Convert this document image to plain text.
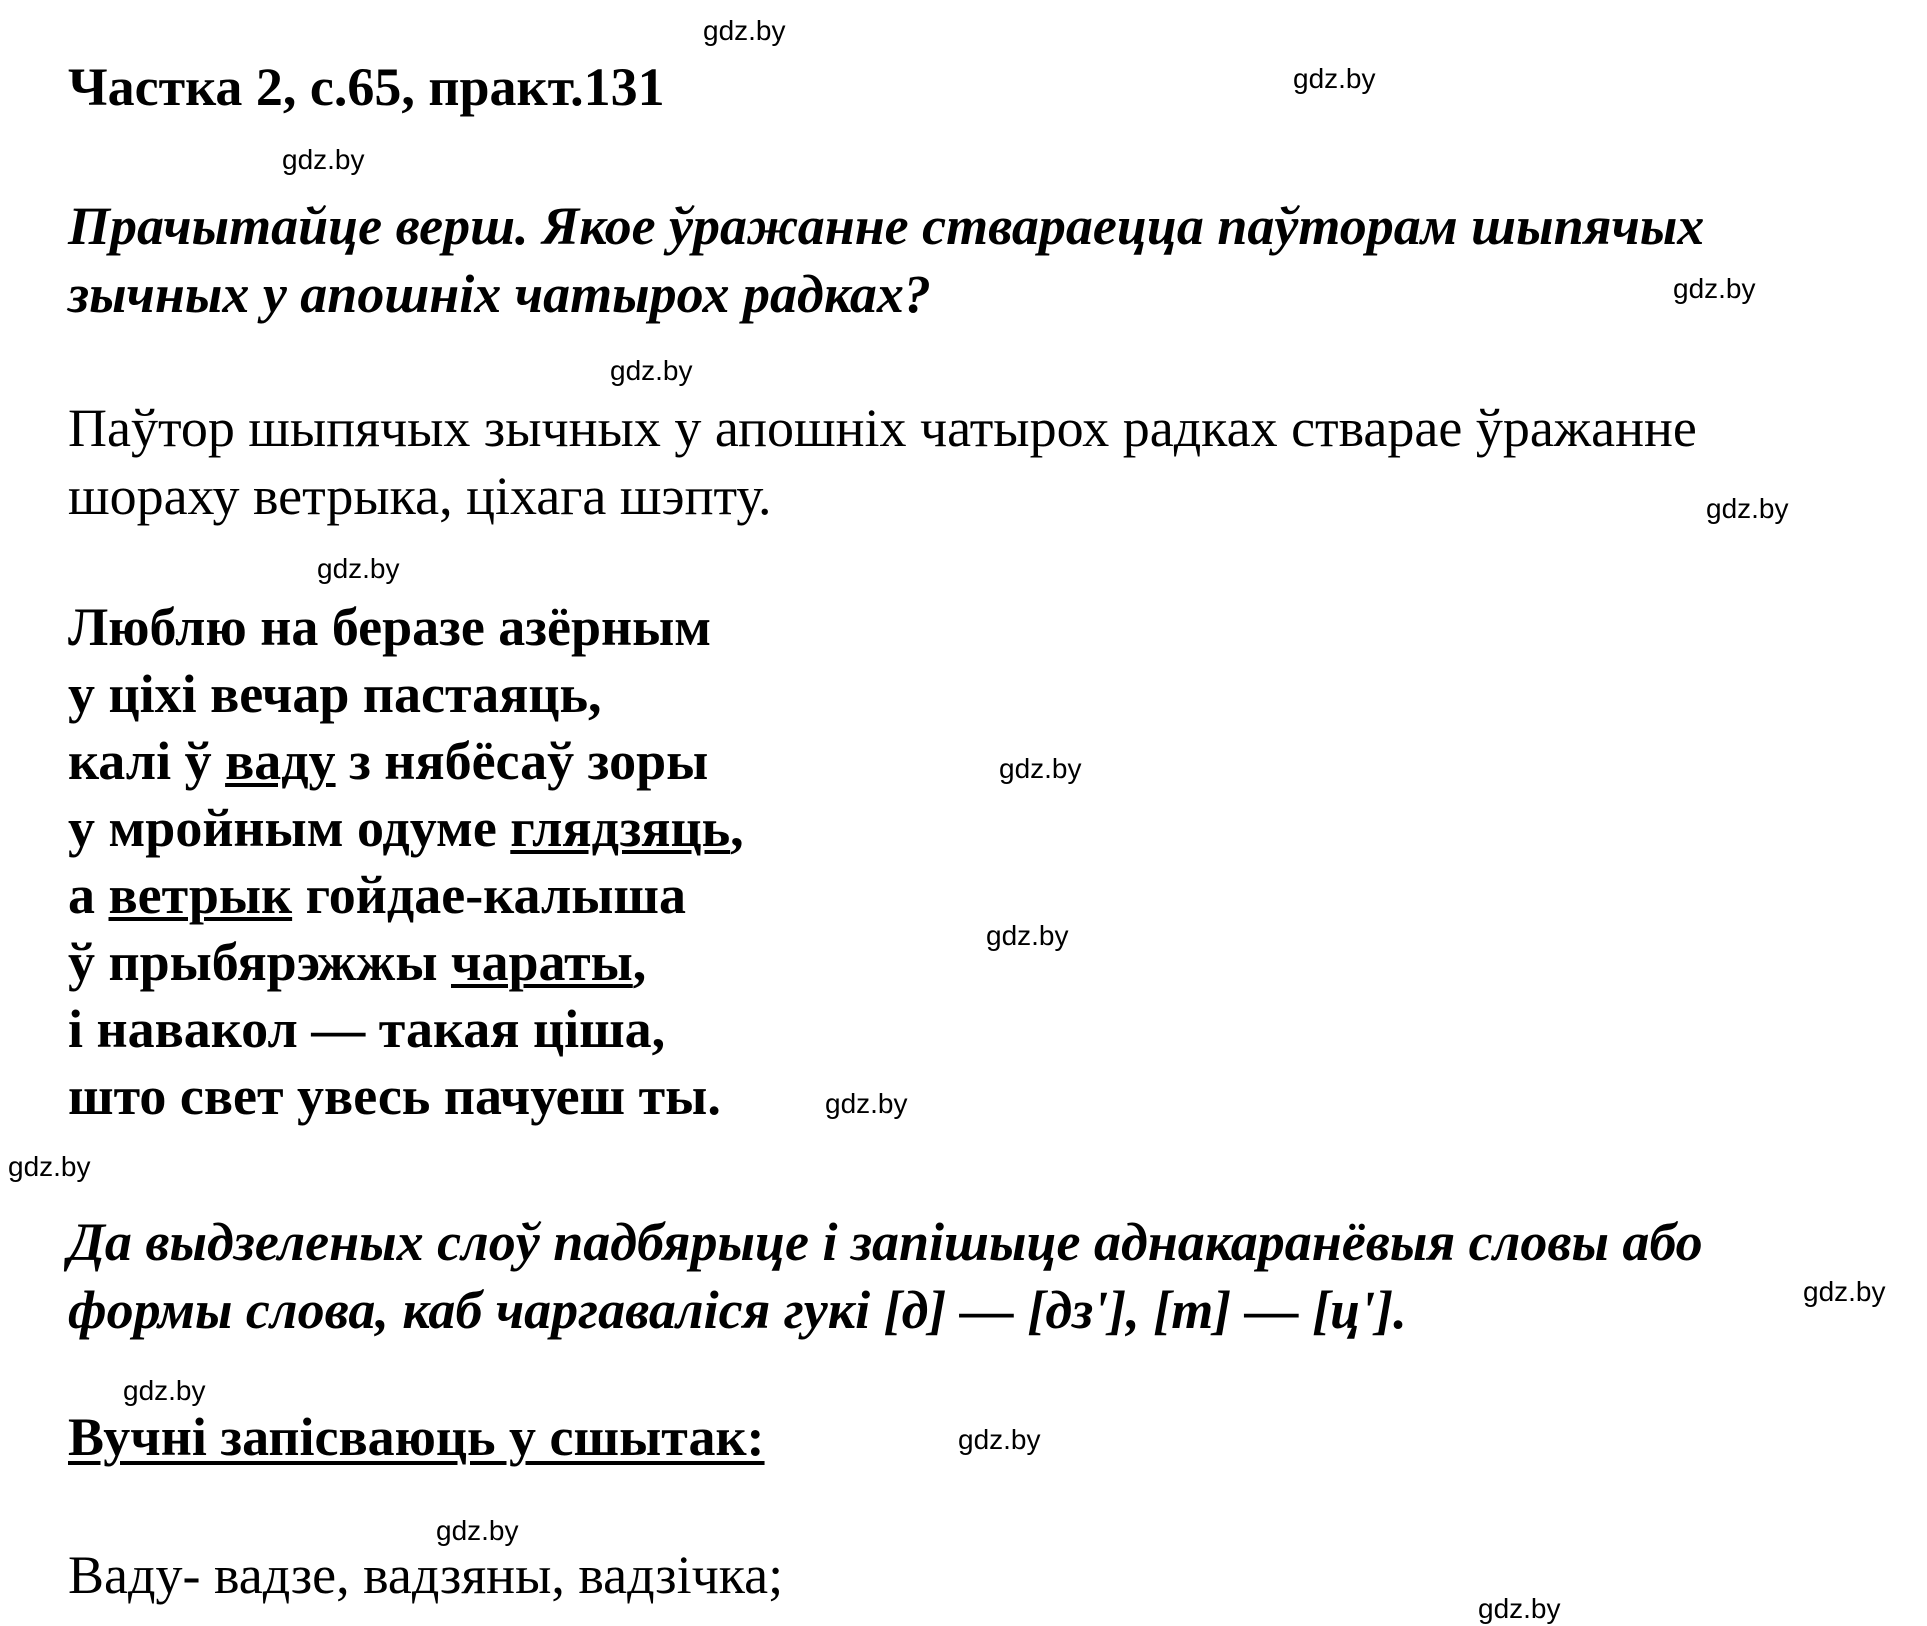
gdz.by
gdz.by
gdz.by
gdz.by
gdz.by
gdz.by
gdz.by
gdz.by
gdz.by
gdz.by
gdz.by
gdz.by
gdz.by
gdz.by
gdz.by
gdz.by
Частка 2, с.65, практ.131
Прачытайце верш. Якое ўражанне ствараецца паўторам шыпячых
зычных у апошніх чатырох радках?
Паўтор шыпячых зычных у апошніх чатырох радках стварае ўражанне
шораху ветрыка, ціхага шэпту.
Люблю на беразе азёрным
у ціхі вечар пастаяць,
калі ў ваду з нябёсаў зоры
у мройным одуме глядзяць,
а ветрык гойдае-калыша
ў прыбярэжжы чараты,
і навакол — такая ціша,
што свет увесь пачуеш ты.
Да выдзеленых слоў падбярыце і запішыце аднакаранёвыя словы або
формы слова, каб чаргаваліся гукі [д] — [дз'], [т] — [ц'].
Вучні запісваюць у сшытак:
Ваду- вадзе, вадзяны, вадзічка;
